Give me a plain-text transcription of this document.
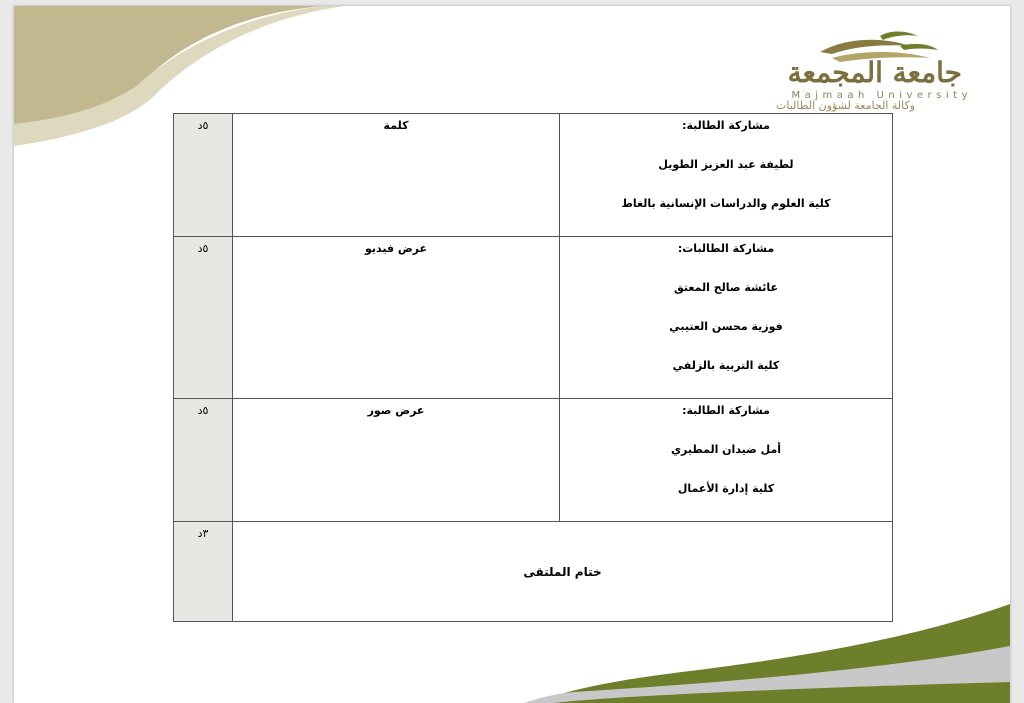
جامعة المجمعة
Majmaah University
وكالة الجامعة لشؤون الطالبات
٥د	كلمة	مشاركة الطالبة:
لطيفة عبد العزيز الطويل
كلية العلوم والدراسات الإنسانية بالغاط

٥د	عرض فيديو	مشاركة الطالبات:
عائشة صالح المعتق
فوزية محسن العتيبي
كلية التربية بالزلفي

٥د	عرض صور	مشاركة الطالبة:
أمل ضيدان المطيري
كلية إدارة الأعمال

٣د	ختام الملتقى	
